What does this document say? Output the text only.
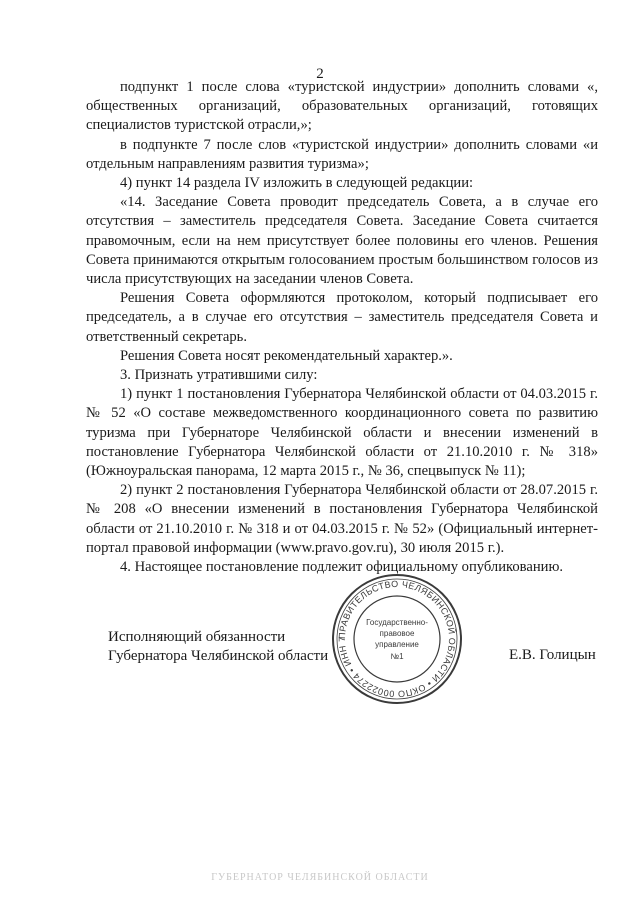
2

подпункт 1 после слова «туристской индустрии» дополнить словами «, общественных организаций, образовательных организаций, готовящих специалистов туристской отрасли,»;

в подпункте 7 после слов «туристской индустрии» дополнить словами «и отдельным направлениям развития туризма»;

4) пункт 14 раздела IV изложить в следующей редакции:

«14. Заседание Совета проводит председатель Совета, а в случае его отсутствия – заместитель председателя Совета. Заседание Совета считается правомочным, если на нем присутствует более половины его членов. Решения Совета принимаются открытым голосованием простым большинством голосов из числа присутствующих на заседании членов Совета.

Решения Совета оформляются протоколом, который подписывает его председатель, а в случае его отсутствия – заместитель председателя Совета и ответственный секретарь.

Решения Совета носят рекомендательный характер.».

3. Признать утратившими силу:

1) пункт 1 постановления Губернатора Челябинской области от 04.03.2015 г. № 52 «О составе межведомственного координационного совета по развитию туризма при Губернаторе Челябинской области и внесении изменений в постановление Губернатора Челябинской области от 21.10.2010 г. № 318» (Южноуральская панорама, 12 марта 2015 г., № 36, спецвыпуск № 11);

2) пункт 2 постановления Губернатора Челябинской области от 28.07.2015 г. № 208 «О внесении изменений в постановления Губернатора Челябинской области от 21.10.2010 г. № 318 и от 04.03.2015 г. № 52» (Официальный интернет-портал правовой информации (www.pravo.gov.ru), 30 июля 2015 г.).

4. Настоящее постановление подлежит официальному опубликованию.

Исполняющий обязанности
Губернатора Челябинской области
ПРАВИТЕЛЬСТВО ЧЕЛЯБИНСКОЙ ОБЛАСТИ • ОКПО 00022274 • ИНН 7
Государственно-
правовое
управление
№1	Е.В. Голицын
ГУБЕРНАТОР ЧЕЛЯБИНСКОЙ ОБЛАСТИ
